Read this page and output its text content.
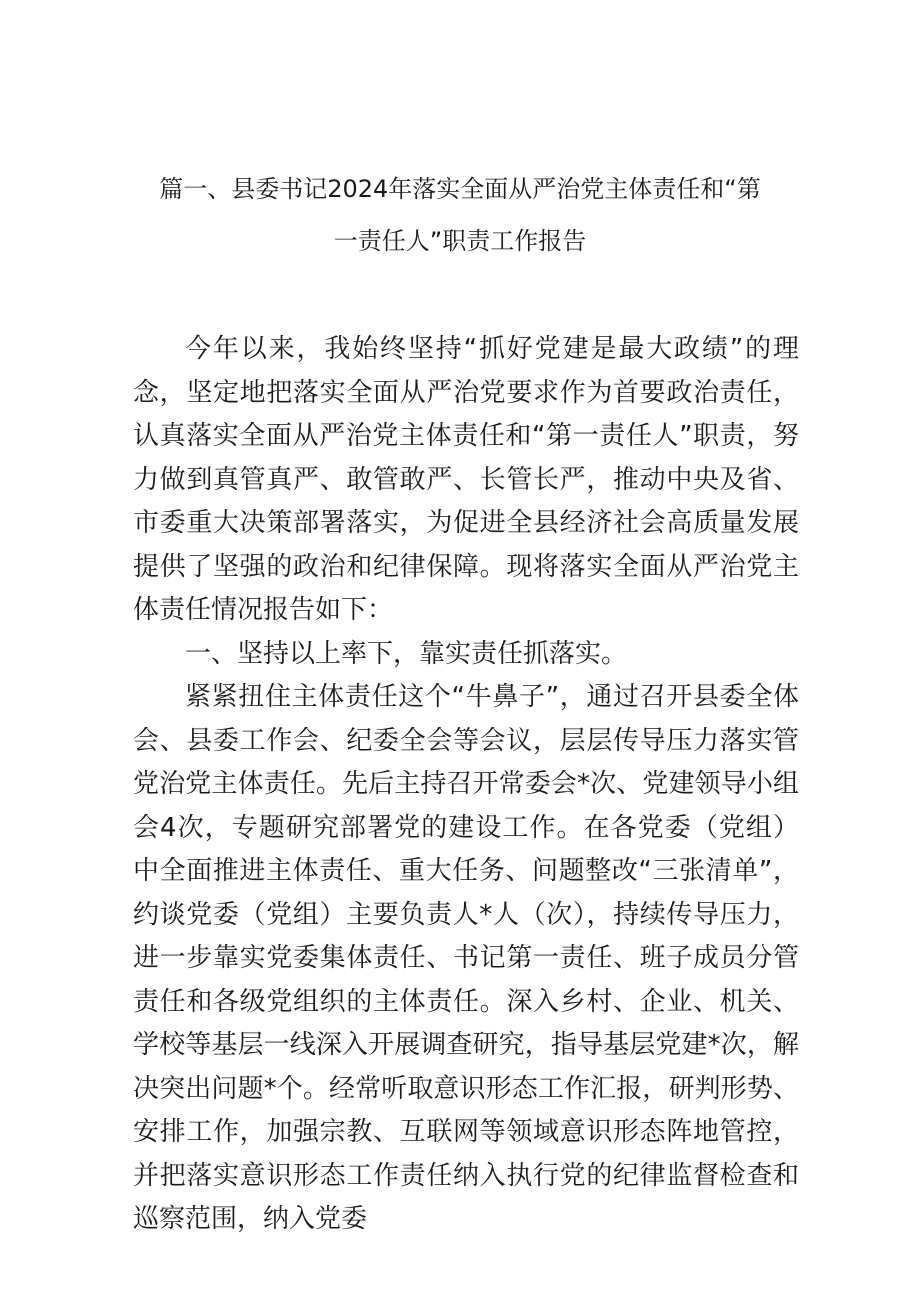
篇一、县委书记2024年落实全面从严治党主体责任和“第
一责任人”职责工作报告

今年以来，我始终坚持“抓好党建是最大政绩”的理念，坚定地把落实全面从严治党要求作为首要政治责任，认真落实全面从严治党主体责任和“第一责任人”职责，努力做到真管真严、敢管敢严、长管长严，推动中央及省、市委重大决策部署落实，为促进全县经济社会高质量发展提供了坚强的政治和纪律保障。现将落实全面从严治党主体责任情况报告如下：

一、坚持以上率下，靠实责任抓落实。

紧紧扭住主体责任这个“牛鼻子”，通过召开县委全体会、县委工作会、纪委全会等会议，层层传导压力落实管党治党主体责任。先后主持召开常委会*次、党建领导小组会4次，专题研究部署党的建设工作。在各党委（党组）中全面推进主体责任、重大任务、问题整改“三张清单”，约谈党委（党组）主要负责人*人（次），持续传导压力，进一步靠实党委集体责任、书记第一责任、班子成员分管责任和各级党组织的主体责任。深入乡村、企业、机关、学校等基层一线深入开展调查研究，指导基层党建*次，解决突出问题*个。经常听取意识形态工作汇报，研判形势、安排工作，加强宗教、互联网等领域意识形态阵地管控，并把落实意识形态工作责任纳入执行党的纪律监督检查和巡察范围，纳入党委
